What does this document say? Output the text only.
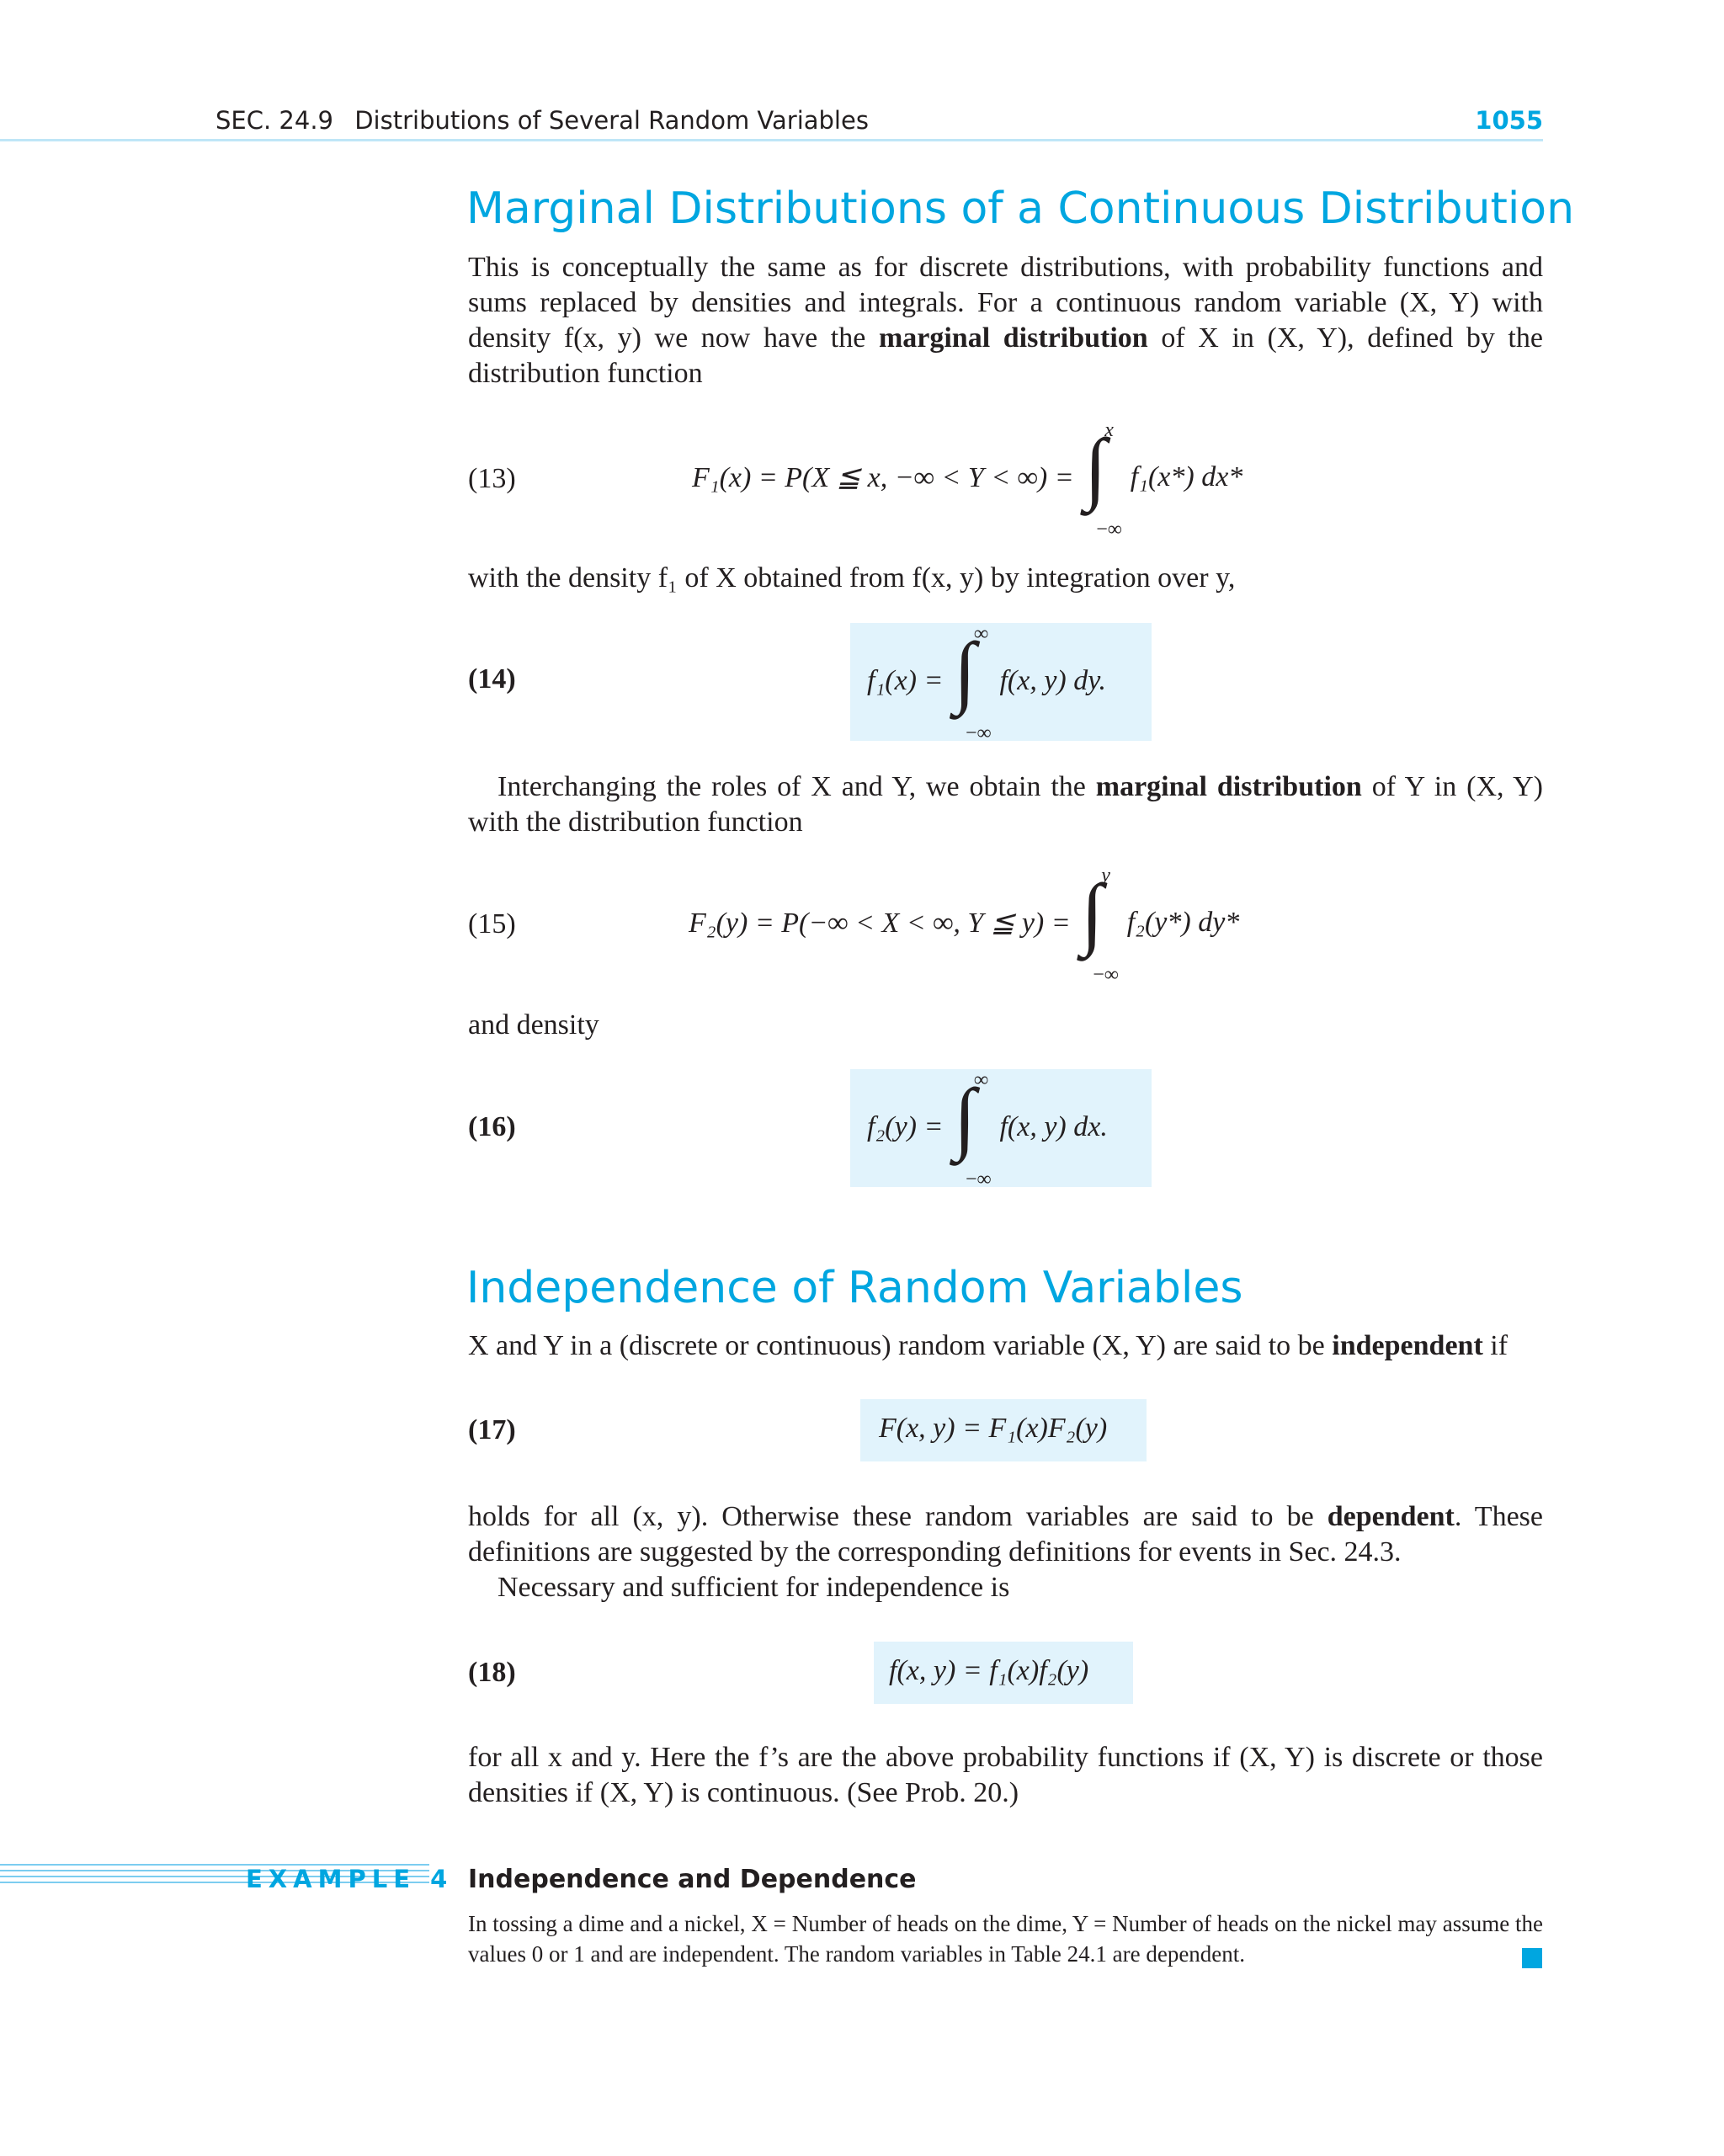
SEC. 24.9 Distributions of Several Random Variables	1055
Marginal Distributions of a Continuous Distribution

This is conceptually the same as for discrete distributions, with probability functions and sums replaced by densities and integrals. For a continuous random variable (X, Y) with density f(x, y) we now have the marginal distribution of X in (X, Y), defined by the distribution function

(13)	F₁(x) = P(X ≦ x, −∞ < Y < ∞) = ∫
x
−∞
f₁(x*) dx*

with the density f₁ of X obtained from f(x, y) by integration over y,

(14)	f₁(x) = ∫
∞
−∞
f(x, y) dy.

Interchanging the roles of X and Y, we obtain the marginal distribution of Y in (X, Y) with the distribution function

(15)	F₂(y) = P(−∞ < X < ∞, Y ≦ y) = ∫
y
−∞
f₂(y*) dy*

and density

(16)	f₂(y) = ∫
∞
−∞
f(x, y) dx.
Independence of Random Variables

X and Y in a (discrete or continuous) random variable (X, Y) are said to be independent if

(17)	F(x, y) = F₁(x)F₂(y)

holds for all (x, y). Otherwise these random variables are said to be dependent. These definitions are suggested by the corresponding definitions for events in Sec. 24.3.

Necessary and sufficient for independence is

(18)	f(x, y) = f₁(x)f₂(y)

for all x and y. Here the f’s are the above probability functions if (X, Y) is discrete or those densities if (X, Y) is continuous. (See Prob. 20.)

EXAMPLE 4 Independence and Dependence

In tossing a dime and a nickel, X = Number of heads on the dime, Y = Number of heads on the nickel may assume the values 0 or 1 and are independent. The random variables in Table 24.1 are dependent.
